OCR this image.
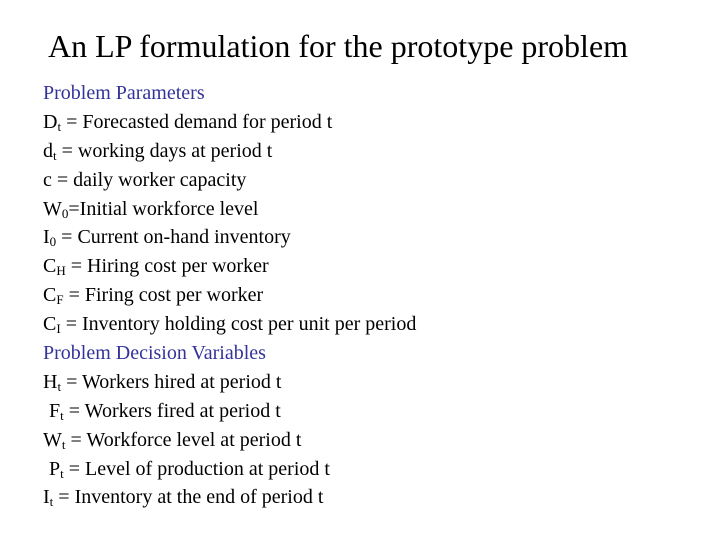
An LP formulation for the prototype problem
Problem Parameters
$D_t$ = Forecasted demand for period t
$d_t$ = working days at period t
c = daily worker capacity
$W_0=Initial$ workforce level
$I_0$ = Current on-hand inventory
$C_H$ = Hiring cost per worker
$C_F$ = Firing cost per worker
$C_I$ = Inventory holding cost per unit per period
Problem Decision Variables
$H_t$ = Workers hired at period t
$F_t$ = Workers fired at period t
$W_t$ = Workforce level at period t
$P_t$ = Level of production at period t
$I_t$ = Inventory at the end of period t
